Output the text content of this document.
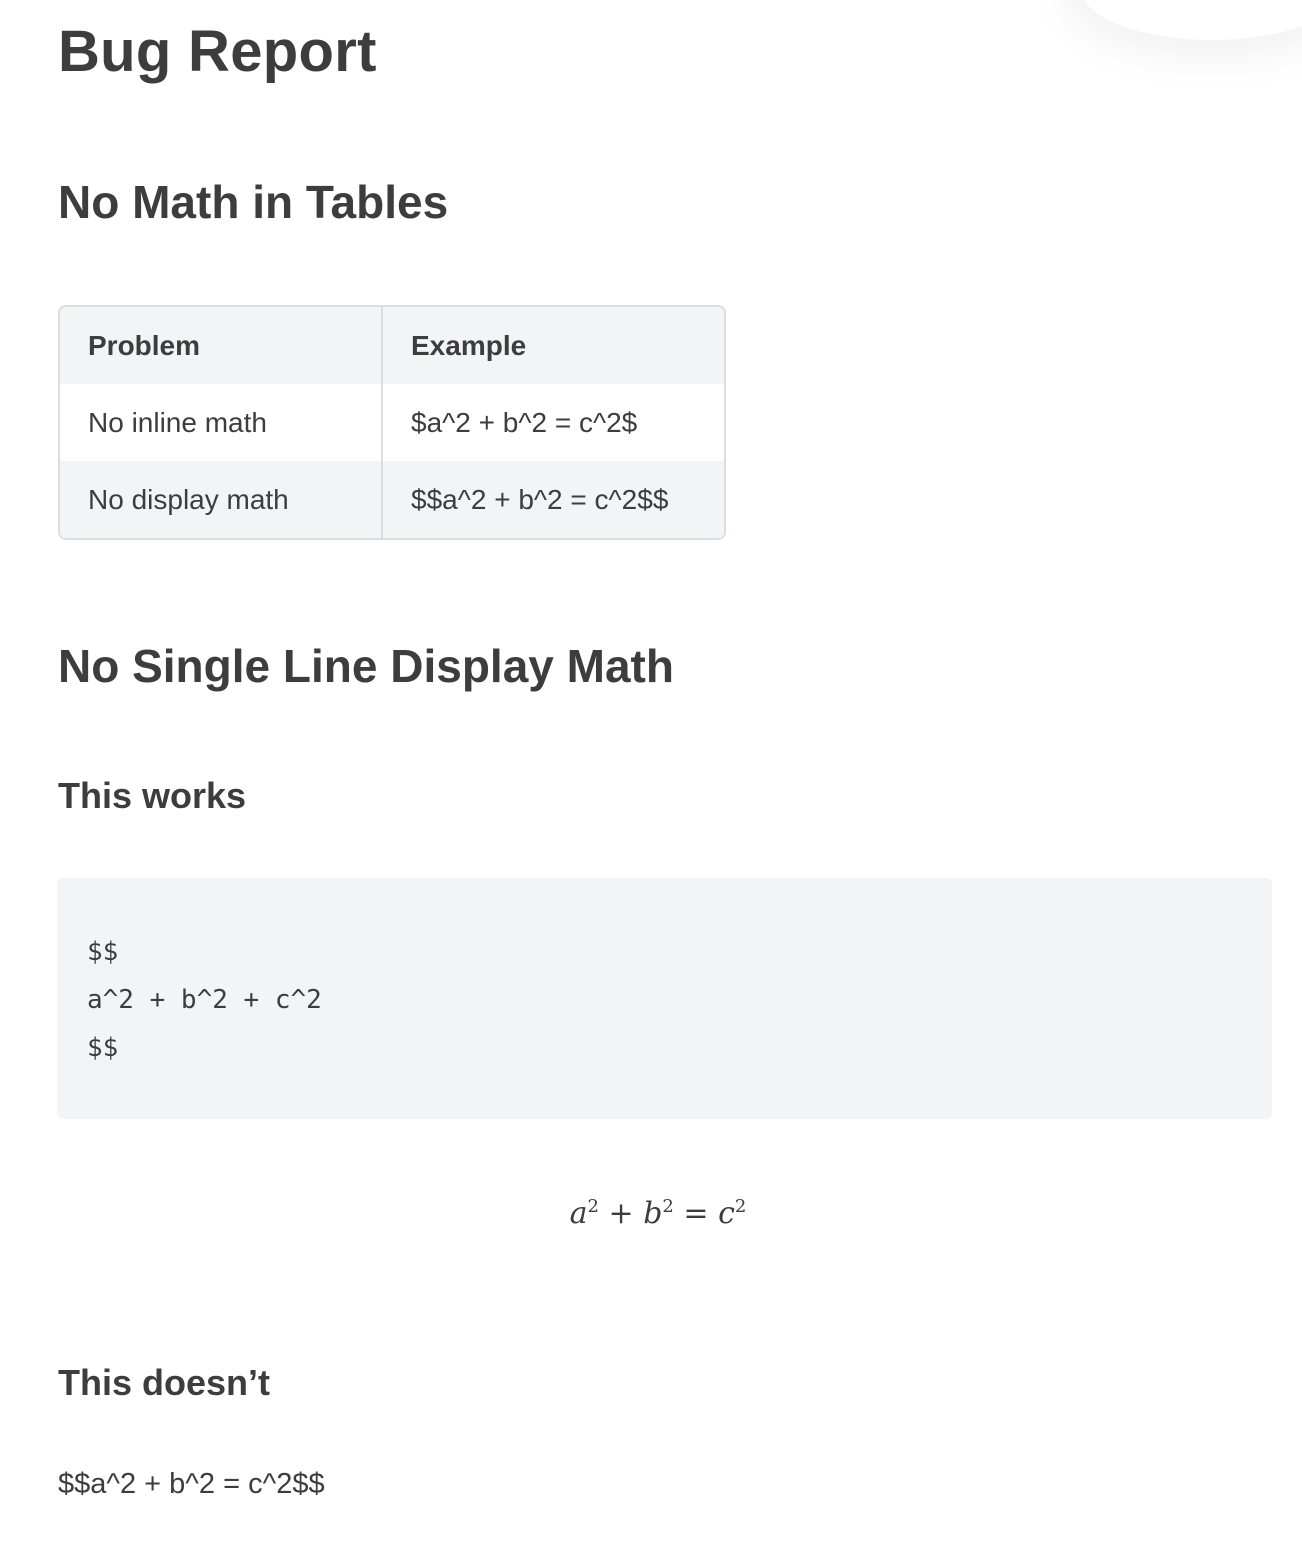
Bug Report
No Math in Tables
Problem	Example
No inline math	$a^2 + b^2 = c^2$
No display math	$$a^2 + b^2 = c^2$$
No Single Line Display Math
This works
$$
a^2 + b^2 + c^2
$$
$a^2 + b^2 = c^2$
This doesn’t

$$a^2 + b^2 = c^2$$
